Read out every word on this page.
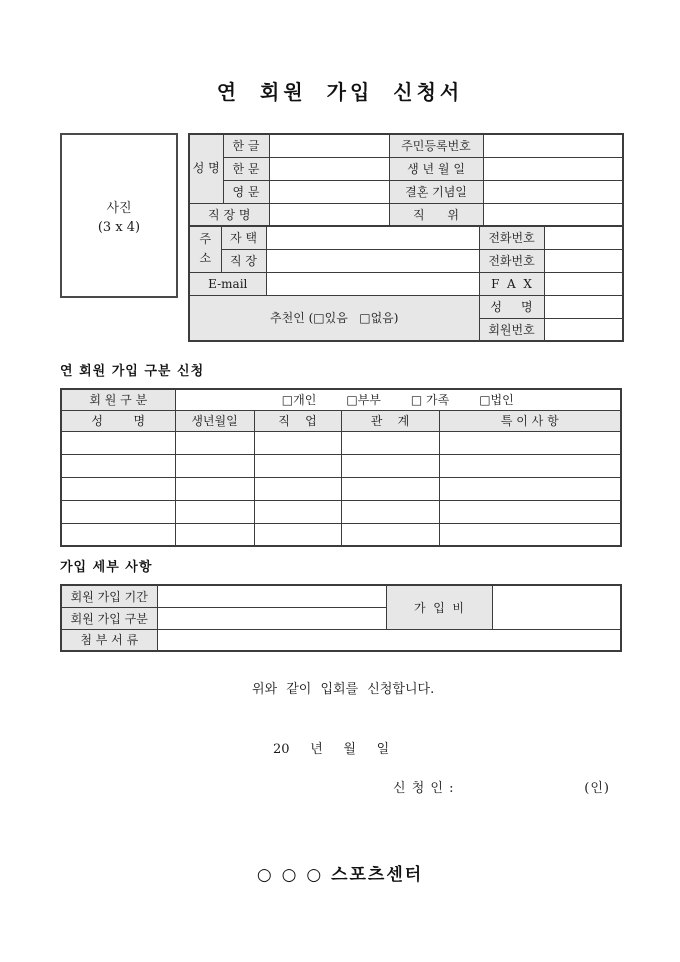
연 회원 가입 신청서
사진
(3 x 4)
성 명	한 글		주민등록번호	
	한 문		생 년 월 일	
	영 문		결혼 기념일	
직 장 명			직      위	
주 소	자 택		전화번호	
	직 장		전화번호	
E-mail			F  A  X	
추천인 (□있음   □없음)			성     명	
			회원번호	
연 회원 가입 구분 신청
회 원 구 분	□개인 □부부 □ 가족 □법인			

성        명	생년월일	직    업	관    계	특 이 사 항

가입 세부 사항
회원 가입 기간		가  입  비	
회원 가입 구분			
첨 부 서 류			
위와 같이 입회를 신청합니다.
20     년     월     일
신 청 인 :	(인)
○ ○ ○ 스포츠센터
